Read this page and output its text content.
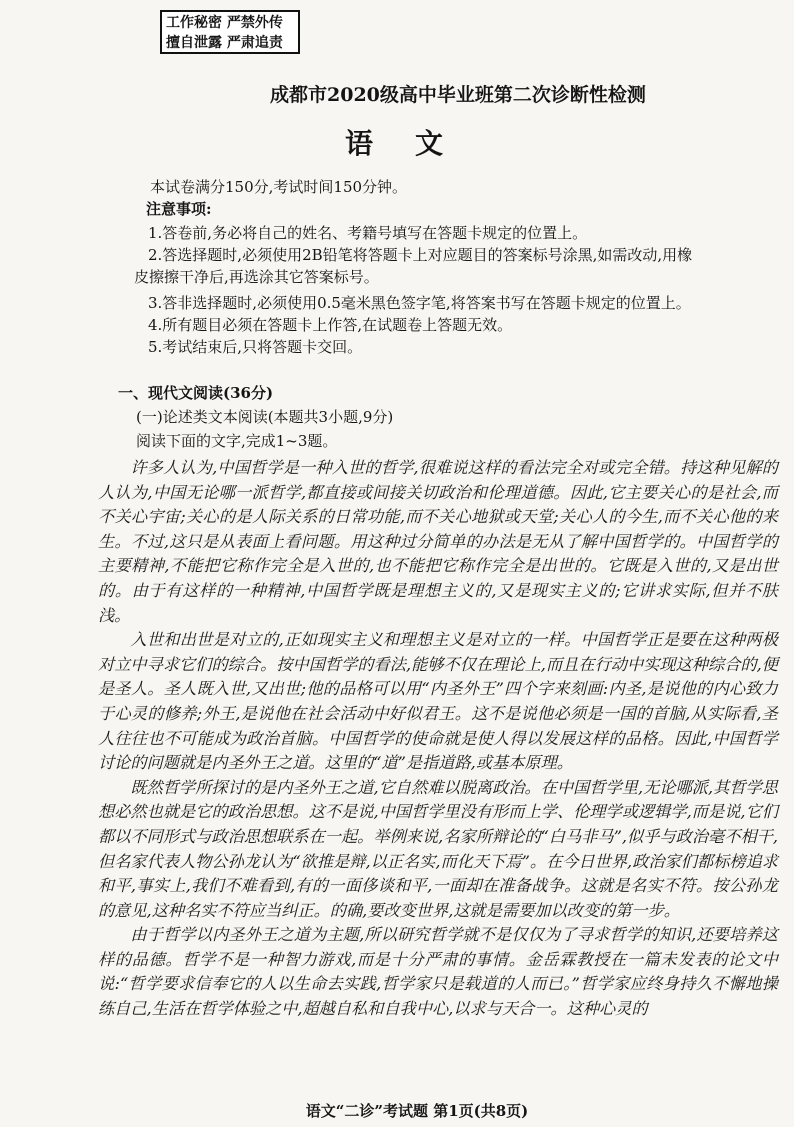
工作秘密 严禁外传
擅自泄露 严肃追责
成都市2020级高中毕业班第二次诊断性检测
语文
本试卷满分150分,考试时间150分钟。
注意事项:
1.答卷前,务必将自己的姓名、考籍号填写在答题卡规定的位置上。
2.答选择题时,必须使用2B铅笔将答题卡上对应题目的答案标号涂黑,如需改动,用橡
皮擦擦干净后,再选涂其它答案标号。
3.答非选择题时,必须使用0.5毫米黑色签字笔,将答案书写在答题卡规定的位置上。
4.所有题目必须在答题卡上作答,在试题卷上答题无效。
5.考试结束后,只将答题卡交回。
一、现代文阅读(36分)
(一)论述类文本阅读(本题共3小题,9分)
阅读下面的文字,完成1~3题。

许多人认为,中国哲学是一种入世的哲学,很难说这样的看法完全对或完全错。持这种见解的人认为,中国无论哪一派哲学,都直接或间接关切政治和伦理道德。因此,它主要关心的是社会,而不关心宇宙;关心的是人际关系的日常功能,而不关心地狱或天堂;关心人的今生,而不关心他的来生。不过,这只是从表面上看问题。用这种过分简单的办法是无从了解中国哲学的。中国哲学的主要精神,不能把它称作完全是入世的,也不能把它称作完全是出世的。它既是入世的,又是出世的。由于有这样的一种精神,中国哲学既是理想主义的,又是现实主义的;它讲求实际,但并不肤浅。

入世和出世是对立的,正如现实主义和理想主义是对立的一样。中国哲学正是要在这种两极对立中寻求它们的综合。按中国哲学的看法,能够不仅在理论上,而且在行动中实现这种综合的,便是圣人。圣人既入世,又出世;他的品格可以用“内圣外王”四个字来刻画:内圣,是说他的内心致力于心灵的修养;外王,是说他在社会活动中好似君王。这不是说他必须是一国的首脑,从实际看,圣人往往也不可能成为政治首脑。中国哲学的使命就是使人得以发展这样的品格。因此,中国哲学讨论的问题就是内圣外王之道。这里的“道”是指道路,或基本原理。

既然哲学所探讨的是内圣外王之道,它自然难以脱离政治。在中国哲学里,无论哪派,其哲学思想必然也就是它的政治思想。这不是说,中国哲学里没有形而上学、伦理学或逻辑学,而是说,它们都以不同形式与政治思想联系在一起。举例来说,名家所辩论的“白马非马”,似乎与政治毫不相干,但名家代表人物公孙龙认为“欲推是辩,以正名实,而化天下焉”。在今日世界,政治家们都标榜追求和平,事实上,我们不难看到,有的一面侈谈和平,一面却在准备战争。这就是名实不符。按公孙龙的意见,这种名实不符应当纠正。的确,要改变世界,这就是需要加以改变的第一步。

由于哲学以内圣外王之道为主题,所以研究哲学就不是仅仅为了寻求哲学的知识,还要培养这样的品德。哲学不是一种智力游戏,而是十分严肃的事情。金岳霖教授在一篇未发表的论文中说:“哲学要求信奉它的人以生命去实践,哲学家只是载道的人而已。”哲学家应终身持久不懈地操练自己,生活在哲学体验之中,超越自私和自我中心,以求与天合一。这种心灵的

语文“二诊”考试题 第1页(共8页)
